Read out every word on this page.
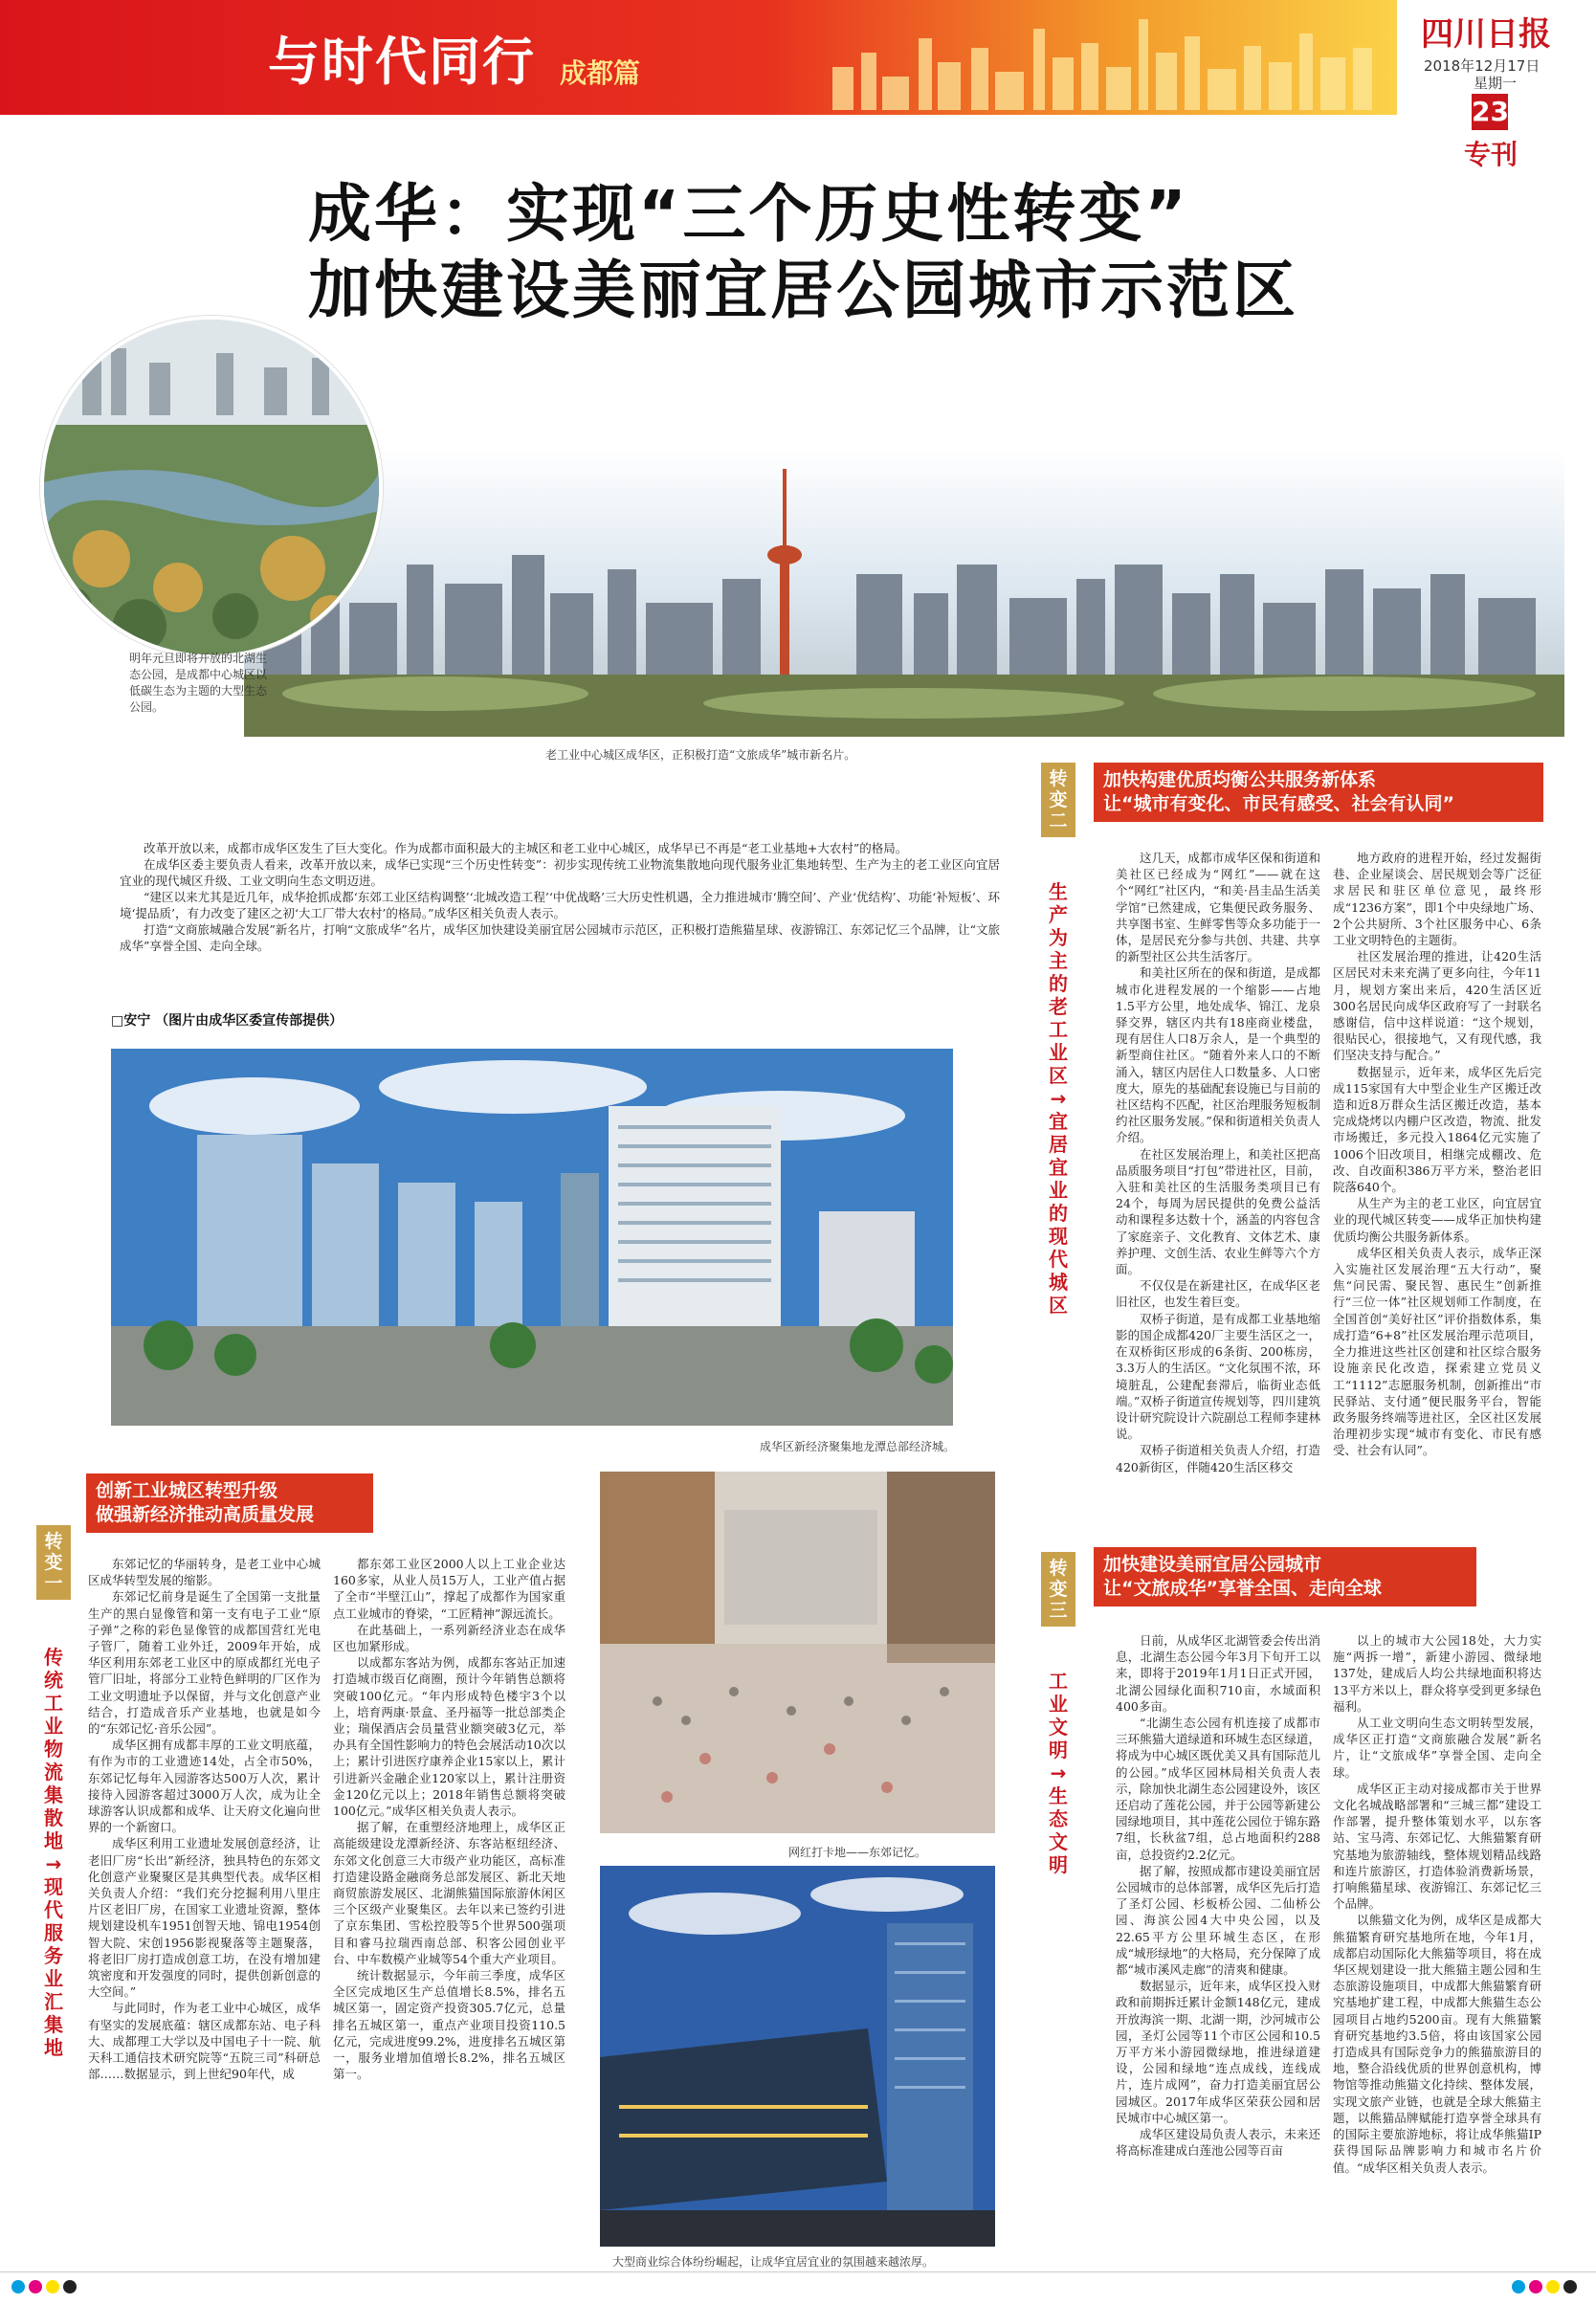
与时代同行 成都篇
四川日报
2018年12月17日
星期一
23
专刊
成华：实现“三个历史性转变”
加快建设美丽宜居公园城市示范区
明年元旦即将开放的北湖生态公园，是成都中心城区以低碳生态为主题的大型生态公园。
老工业中心城区成华区，正积极打造“文旅成华”城市新名片。

改革开放以来，成都市成华区发生了巨大变化。作为成都市面积最大的主城区和老工业中心城区，成华早已不再是“老工业基地+大农村”的格局。

在成华区委主要负责人看来，改革开放以来，成华已实现“三个历史性转变”：初步实现传统工业物流集散地向现代服务业汇集地转型、生产为主的老工业区向宜居宜业的现代城区升级、工业文明向生态文明迈进。

“建区以来尤其是近几年，成华抢抓成都‘东郊工业区结构调整’‘北城改造工程’‘中优战略’三大历史性机遇，全力推进城市‘腾空间’、产业‘优结构’、功能‘补短板’、环境‘提品质’，有力改变了建区之初‘大工厂带大农村’的格局。”成华区相关负责人表示。

打造“文商旅城融合发展”新名片，打响“文旅成华”名片，成华区加快建设美丽宜居公园城市示范区，正积极打造熊猫星球、夜游锦江、东郊记忆三个品牌，让“文旅成华”享誉全国、走向全球。

□安宁 （图片由成华区委宣传部提供）
成华区新经济聚集地龙潭总部经济城。
网红打卡地——东郊记忆。
大型商业综合体纷纷崛起，让成华宜居宜业的氛围越来越浓厚。
创新工业城区转型升级
做强新经济推动高质量发展
转变一
传统工业物流集散地→现代服务业汇集地

东郊记忆的华丽转身，是老工业中心城区成华转型发展的缩影。

东郊记忆前身是诞生了全国第一支批量生产的黑白显像管和第一支有电子工业“原子弹”之称的彩色显像管的成都国营红光电子管厂，随着工业外迁，2009年开始，成华区利用东郊老工业区中的原成都红光电子管厂旧址，将部分工业特色鲜明的厂区作为工业文明遗址予以保留，并与文化创意产业结合，打造成音乐产业基地，也就是如今的“东郊记忆·音乐公园”。

成华区拥有成都丰厚的工业文明底蕴，有作为市的工业遗迹14处，占全市50%，东郊记忆每年入园游客达500万人次，累计接待入园游客超过3000万人次，成为让全球游客认识成都和成华、让天府文化遍向世界的一个新窗口。

成华区利用工业遗址发展创意经济，让老旧厂房“长出”新经济，独具特色的东郊文化创意产业聚聚区是其典型代表。成华区相关负责人介绍：“我们充分挖掘利用八里庄片区老旧厂房，在国家工业遗址资源，整体规划建设机车1951创智天地、锦电1954创智大院、宋创1956影视聚落等主题聚落，将老旧厂房打造成创意工坊，在没有增加建筑密度和开发强度的同时，提供创新创意的大空间。”

与此同时，作为老工业中心城区，成华有坚实的发展底蕴：辖区成都东站、电子科大、成都理工大学以及中国电子十一院、航天科工通信技术研究院等“五院三司”科研总部……数据显示，到上世纪90年代，成

都东郊工业区2000人以上工业企业达160多家，从业人员15万人，工业产值占据了全市“半壁江山”，撑起了成都作为国家重点工业城市的脊梁，“工匠精神”源远流长。

在此基础上，一系列新经济业态在成华区也加紧形成。

以成都东客站为例，成都东客站正加速打造城市级百亿商圈，预计今年销售总额将突破100亿元。“年内形成特色楼宇3个以上，培育两康·景盒、圣丹福等一批总部类企业；瑞保酒店会员量营业额突破3亿元，举办具有全国性影响力的特色会展活动10次以上；累计引进医疗康养企业15家以上，累计引进新兴金融企业120家以上，累计注册资金120亿元以上；2018年销售总额将突破100亿元。”成华区相关负责人表示。

据了解，在重塑经济地理上，成华区正高能级建设龙潭新经济、东客站枢纽经济、东郊文化创意三大市级产业功能区，高标准打造建设路金融商务总部发展区、新北天地商贸旅游发展区、北湖熊猫国际旅游休闲区三个区级产业聚集区。去年以来已签约引进了京东集团、雪松控股等5个世界500强项目和睿马拉瑞西南总部、积客公园创业平台、中车数模产业城等54个重大产业项目。

统计数据显示，今年前三季度，成华区全区完成地区生产总值增长8.5%，排名五城区第一，固定资产投资305.7亿元，总量排名五城区第一，重点产业项目投资110.5亿元，完成进度99.2%，进度排名五城区第一，服务业增加值增长8.2%，排名五城区第一。

加快构建优质均衡公共服务新体系
让“城市有变化、市民有感受、社会有认同”
转变二
生产为主的老工业区→宜居宜业的现代城区

这几天，成都市成华区保和街道和美社区已经成为“网红”——就在这个“网红”社区内，“和美·昌圭品生活美学馆”已然建成，它集便民政务服务、共享图书室、生鲜零售等众多功能于一体，是居民充分参与共创、共建、共享的新型社区公共生活客厅。

和美社区所在的保和街道，是成都城市化进程发展的一个缩影——占地1.5平方公里，地处成华、锦江、龙泉驿交界，辖区内共有18座商业楼盘，现有居住人口8万余人，是一个典型的新型商住社区。“随着外来人口的不断涌入，辖区内居住人口数量多、人口密度大，原先的基础配套设施已与目前的社区结构不匹配，社区治理服务短板制约社区服务发展。”保和街道相关负责人介绍。

在社区发展治理上，和美社区把高品质服务项目“打包”带进社区，目前，入驻和美社区的生活服务类项目已有24个，每周为居民提供的免费公益活动和课程多达数十个，涵盖的内容包含了家庭亲子、文化教育、文体艺术、康养护理、文创生活、农业生鲜等六个方面。

不仅仅是在新建社区，在成华区老旧社区，也发生着巨变。

双桥子街道，是有成都工业基地缩影的国企成都420厂主要生活区之一，在双桥街区形成的6条街、200栋房，3.3万人的生活区。“文化氛围不浓，环境脏乱，公建配套滞后，临街业态低端。”双桥子街道宣传规划等，四川建筑设计研究院设计六院副总工程师李建林说。

双桥子街道相关负责人介绍，打造420新街区，伴随420生活区移交

地方政府的进程开始，经过发掘街巷、企业屋谈会、居民规划会等广泛征求居民和驻区单位意见，最终形成“1236方案”，即1个中央绿地广场、2个公共厨所、3个社区服务中心、6条工业文明特色的主题街。

社区发展治理的推进，让420生活区居民对未来充满了更多向往，今年11月，规划方案出来后，420生活区近300名居民向成华区政府写了一封联名感谢信，信中这样说道：“这个规划，很贴民心，很接地气，又有现代感，我们坚决支持与配合。”

数据显示，近年来，成华区先后完成115家国有大中型企业生产区搬迁改造和近8万群众生活区搬迁改造，基本完成烧烤以内棚户区改造，物流、批发市场搬迁，多元投入1864亿元实施了1006个旧改项目，相继完成棚改、危改、自改面积386万平方米，整治老旧院落640个。

从生产为主的老工业区，向宜居宜业的现代城区转变——成华正加快构建优质均衡公共服务新体系。

成华区相关负责人表示，成华正深入实施社区发展治理“五大行动”，聚焦“问民需、聚民智、惠民生”创新推行“三位一体”社区规划师工作制度，在全国首创“美好社区”评价指数体系，集成打造“6+8”社区发展治理示范项目，全力推进这些社区创建和社区综合服务设施亲民化改造，探索建立党员义工“1112”志愿服务机制，创新推出“市民驿站、支付通”便民服务平台，智能政务服务终端等进社区，全区社区发展治理初步实现“城市有变化、市民有感受、社会有认同”。

加快建设美丽宜居公园城市
让“文旅成华”享誉全国、走向全球
转变三
工业文明→生态文明

日前，从成华区北湖管委会传出消息，北湖生态公园今年3月下旬开工以来，即将于2019年1月1日正式开园，北湖公园绿化面积710亩，水域面积400多亩。

“北湖生态公园有机连接了成都市三环熊猫大道绿道和环城生态区绿道，将成为中心城区既优美又具有国际范儿的公园。”成华区园林局相关负责人表示，除加快北湖生态公园建设外，该区还启动了莲花公园，并于公园等新建公园绿地项目，其中莲花公园位于锦东路7组，长秋盆7组，总占地面积约288亩，总投资约2.2亿元。

据了解，按照成都市建设美丽宜居公园城市的总体部署，成华区先后打造了圣灯公园、杉板桥公园、二仙桥公园、海滨公园4大中央公园，以及22.65平方公里环城生态区，在形成“城形绿地”的大格局，充分保障了成都“城市溪风走廊”的清爽和健康。

数据显示，近年来，成华区投入财政和前期拆迁累计金额148亿元，建成开放海滨一期、北湖一期，沙河城市公园，圣灯公园等11个市区公园和10.5万平方米小游园微绿地，推进绿道建设，公园和绿地“连点成线，连线成片，连片成网”，奋力打造美丽宜居公园城区。2017年成华区荣获公园和居民城市中心城区第一。

成华区建设局负责人表示，未来还将高标准建成白莲池公园等百亩

以上的城市大公园18处，大力实施“两拆一增”，新建小游园、微绿地137处，建成后人均公共绿地面积将达13平方米以上，群众将享受到更多绿色福利。

从工业文明向生态文明转型发展，成华区正打造“文商旅融合发展”新名片，让“文旅成华”享誉全国、走向全球。

成华区正主动对接成都市关于世界文化名城战略部署和“三城三都”建设工作部署，提升整体策划水平，以东客站、宝马湾、东郊记忆、大熊猫繁育研究基地为旅游轴线，整体规划精品线路和连片旅游区，打造体验消费新场景，打响熊猫星球、夜游锦江、东郊记忆三个品牌。

以熊猫文化为例，成华区是成都大熊猫繁育研究基地所在地，今年1月，成都启动国际化大熊猫等项目，将在成华区规划建设一批大熊猫主题公园和生态旅游设施项目，中成都大熊猫繁育研究基地扩建工程，中成都大熊猫生态公园项目占地约5200亩。现有大熊猫繁育研究基地约3.5倍，将由该国家公园打造成具有国际竞争力的熊猫旅游目的地，整合沿线优质的世界创意机构，博物馆等推动熊猫文化持续、整体发展，实现文旅产业链，也就是全球大熊猫主题，以熊猫品牌赋能打造享誉全球具有的国际主要旅游地标，将让成华熊猫IP获得国际品牌影响力和城市名片价值。“成华区相关负责人表示。
